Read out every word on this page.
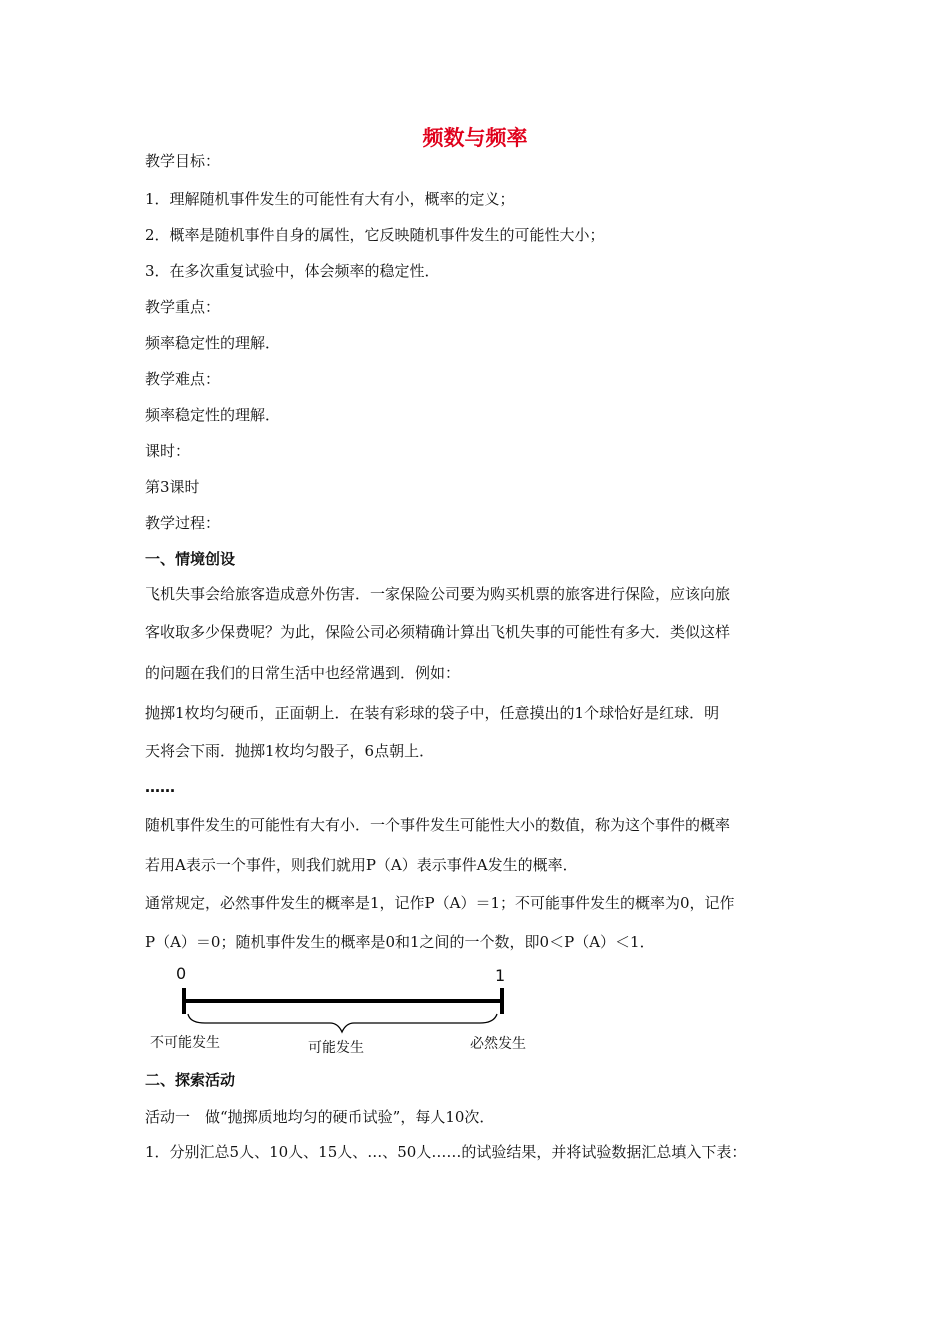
频数与频率
教学目标：
1．理解随机事件发生的可能性有大有小，概率的定义；
2．概率是随机事件自身的属性，它反映随机事件发生的可能性大小；
3．在多次重复试验中，体会频率的稳定性．
教学重点：
频率稳定性的理解．
教学难点：
频率稳定性的理解．
课时：
第3课时
教学过程：
一、情境创设
飞机失事会给旅客造成意外伤害．一家保险公司要为购买机票的旅客进行保险，应该向旅
客收取多少保费呢？为此，保险公司必须精确计算出飞机失事的可能性有多大．类似这样
的问题在我们的日常生活中也经常遇到．例如：
抛掷1枚均匀硬币，正面朝上．在装有彩球的袋子中，任意摸出的1个球恰好是红球．明
天将会下雨．抛掷1枚均匀骰子，6点朝上．
……
随机事件发生的可能性有大有小．一个事件发生可能性大小的数值，称为这个事件的概率
若用A表示一个事件，则我们就用P（A）表示事件A发生的概率．
通常规定，必然事件发生的概率是1，记作P（A）＝1；不可能事件发生的概率为0，记作
P（A）＝0；随机事件发生的概率是0和1之间的一个数，即0＜P（A）＜1．
0	1
不可能发生	可能发生	必然发生
二、探索活动
活动一　做“抛掷质地均匀的硬币试验”，每人10次．
1．分别汇总5人、10人、15人、…、50人……的试验结果，并将试验数据汇总填入下表：
